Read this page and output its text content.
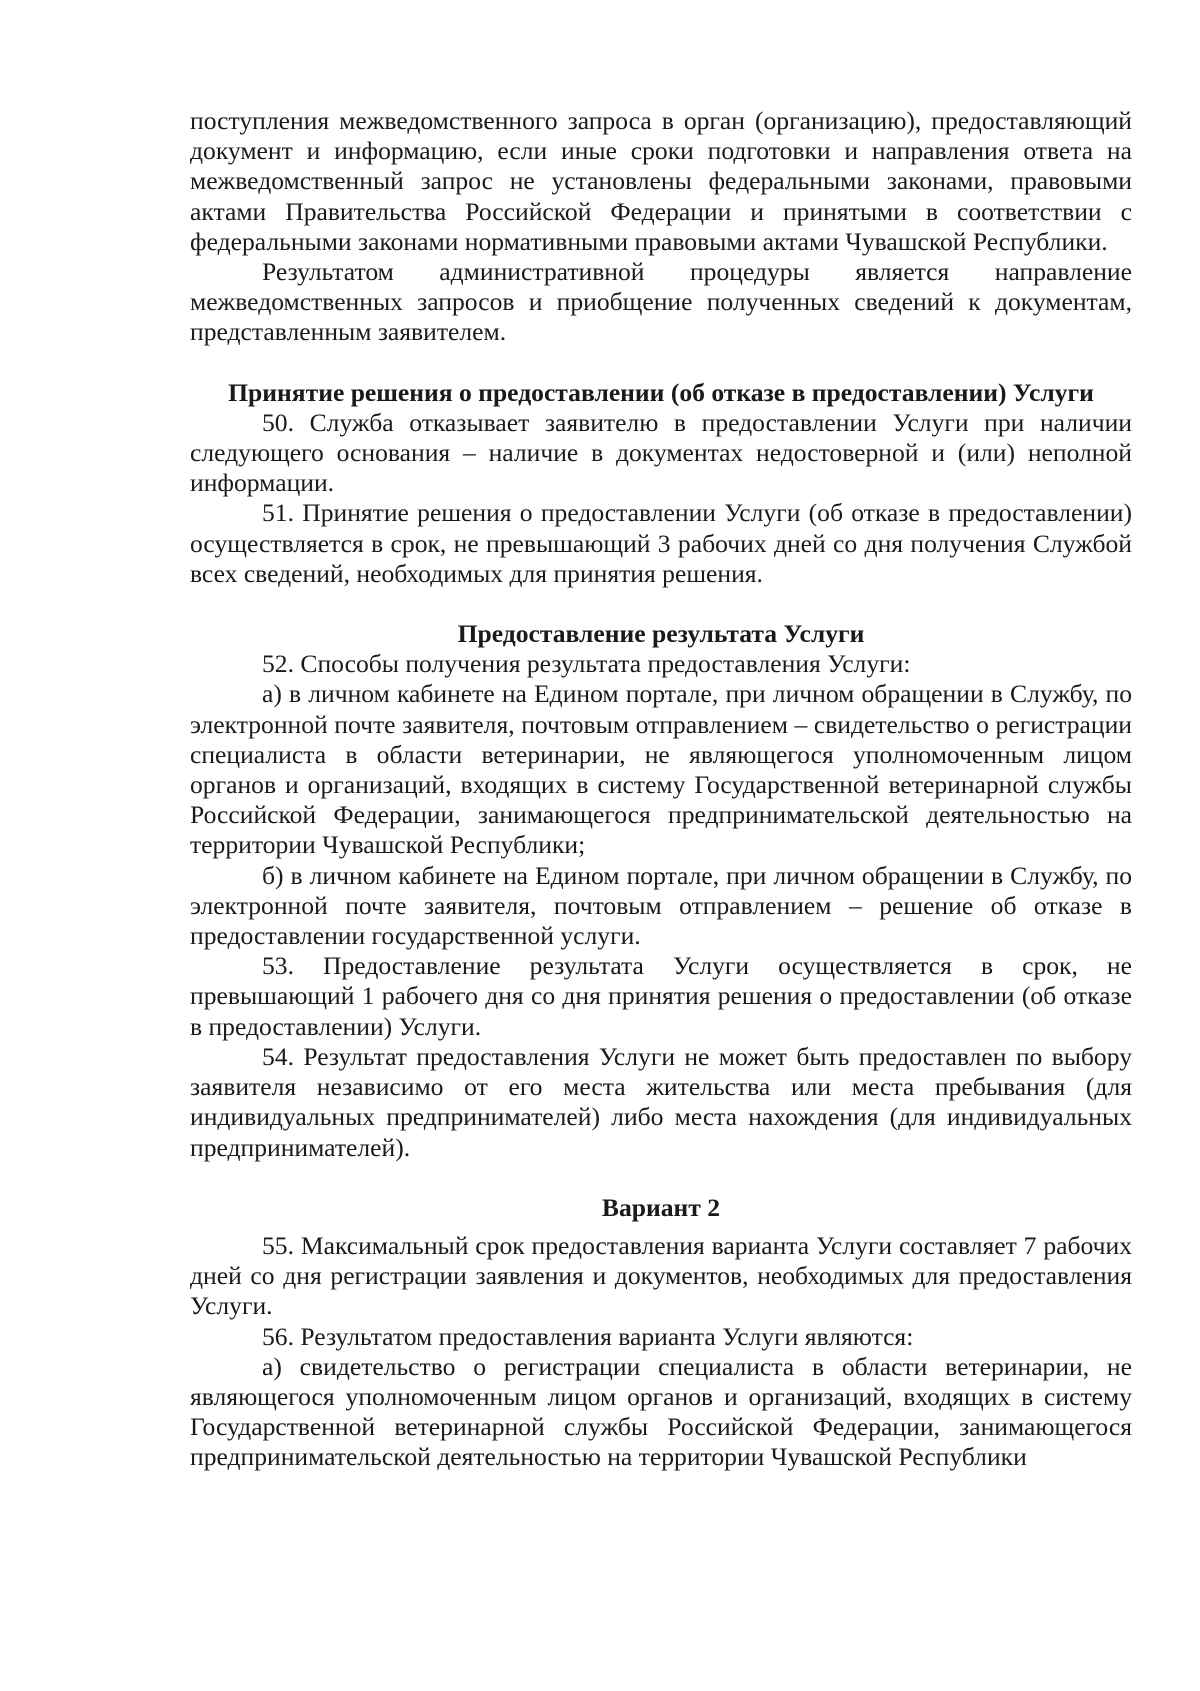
поступления межведомственного запроса в орган (организацию), предоставляющий документ и информацию, если иные сроки подготовки и направления ответа на межведомственный запрос не установлены федеральными законами, правовыми актами Правительства Российской Федерации и принятыми в соответствии с федеральными законами нормативными правовыми актами Чувашской Республики.

Результатом административной процедуры является направление межведомственных запросов и приобщение полученных сведений к документам, представленным заявителем.

Принятие решения о предоставлении (об отказе в предоставлении) Услуги

50. Служба отказывает заявителю в предоставлении Услуги при наличии следующего основания – наличие в документах недостоверной и (или) неполной информации.

51. Принятие решения о предоставлении Услуги (об отказе в предоставлении) осуществляется в срок, не превышающий 3 рабочих дней со дня получения Службой всех сведений, необходимых для принятия решения.

Предоставление результата Услуги

52. Способы получения результата предоставления Услуги:

а) в личном кабинете на Едином портале, при личном обращении в Службу, по электронной почте заявителя, почтовым отправлением – свидетельство о регистрации специалиста в области ветеринарии, не являющегося уполномоченным лицом органов и организаций, входящих в систему Государственной ветеринарной службы Российской Федерации, занимающегося предпринимательской деятельностью на территории Чувашской Республики;

б) в личном кабинете на Едином портале, при личном обращении в Службу, по электронной почте заявителя, почтовым отправлением – решение об отказе в предоставлении государственной услуги.

53. Предоставление результата Услуги осуществляется в срок, не превышающий 1 рабочего дня со дня принятия решения о предоставлении (об отказе в предоставлении) Услуги.

54. Результат предоставления Услуги не может быть предоставлен по выбору заявителя независимо от его места жительства или места пребывания (для индивидуальных предпринимателей) либо места нахождения (для индивидуальных предпринимателей).

Вариант 2

55. Максимальный срок предоставления варианта Услуги составляет 7 рабочих дней со дня регистрации заявления и документов, необходимых для предоставления Услуги.

56. Результатом предоставления варианта Услуги являются:

а) свидетельство о регистрации специалиста в области ветеринарии, не являющегося уполномоченным лицом органов и организаций, входящих в систему Государственной ветеринарной службы Российской Федерации, занимающегося предпринимательской деятельностью на территории Чувашской Республики
